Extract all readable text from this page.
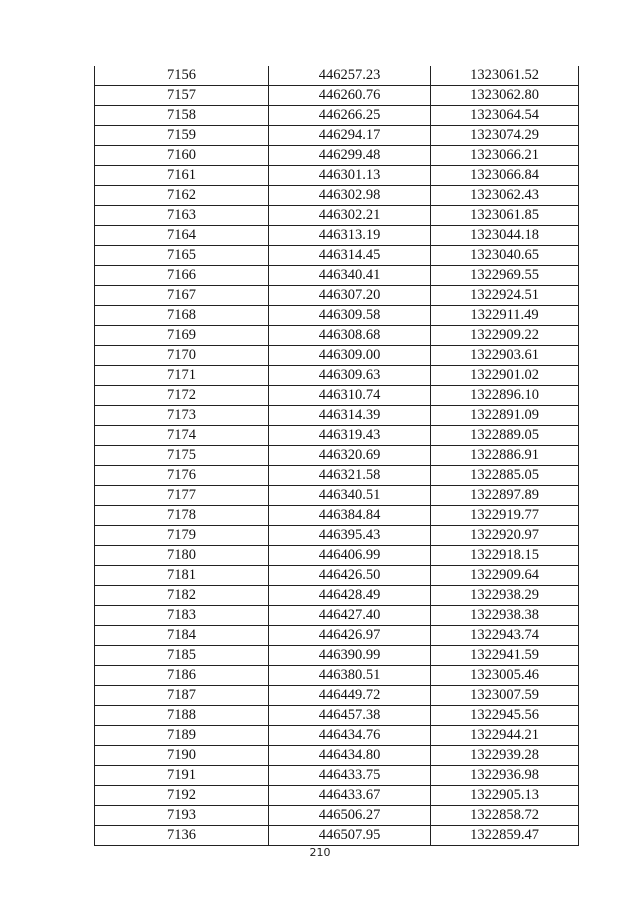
7156	446257.23	1323061.52
7157	446260.76	1323062.80
7158	446266.25	1323064.54
7159	446294.17	1323074.29
7160	446299.48	1323066.21
7161	446301.13	1323066.84
7162	446302.98	1323062.43
7163	446302.21	1323061.85
7164	446313.19	1323044.18
7165	446314.45	1323040.65
7166	446340.41	1322969.55
7167	446307.20	1322924.51
7168	446309.58	1322911.49
7169	446308.68	1322909.22
7170	446309.00	1322903.61
7171	446309.63	1322901.02
7172	446310.74	1322896.10
7173	446314.39	1322891.09
7174	446319.43	1322889.05
7175	446320.69	1322886.91
7176	446321.58	1322885.05
7177	446340.51	1322897.89
7178	446384.84	1322919.77
7179	446395.43	1322920.97
7180	446406.99	1322918.15
7181	446426.50	1322909.64
7182	446428.49	1322938.29
7183	446427.40	1322938.38
7184	446426.97	1322943.74
7185	446390.99	1322941.59
7186	446380.51	1323005.46
7187	446449.72	1323007.59
7188	446457.38	1322945.56
7189	446434.76	1322944.21
7190	446434.80	1322939.28
7191	446433.75	1322936.98
7192	446433.67	1322905.13
7193	446506.27	1322858.72
7136	446507.95	1322859.47
210
